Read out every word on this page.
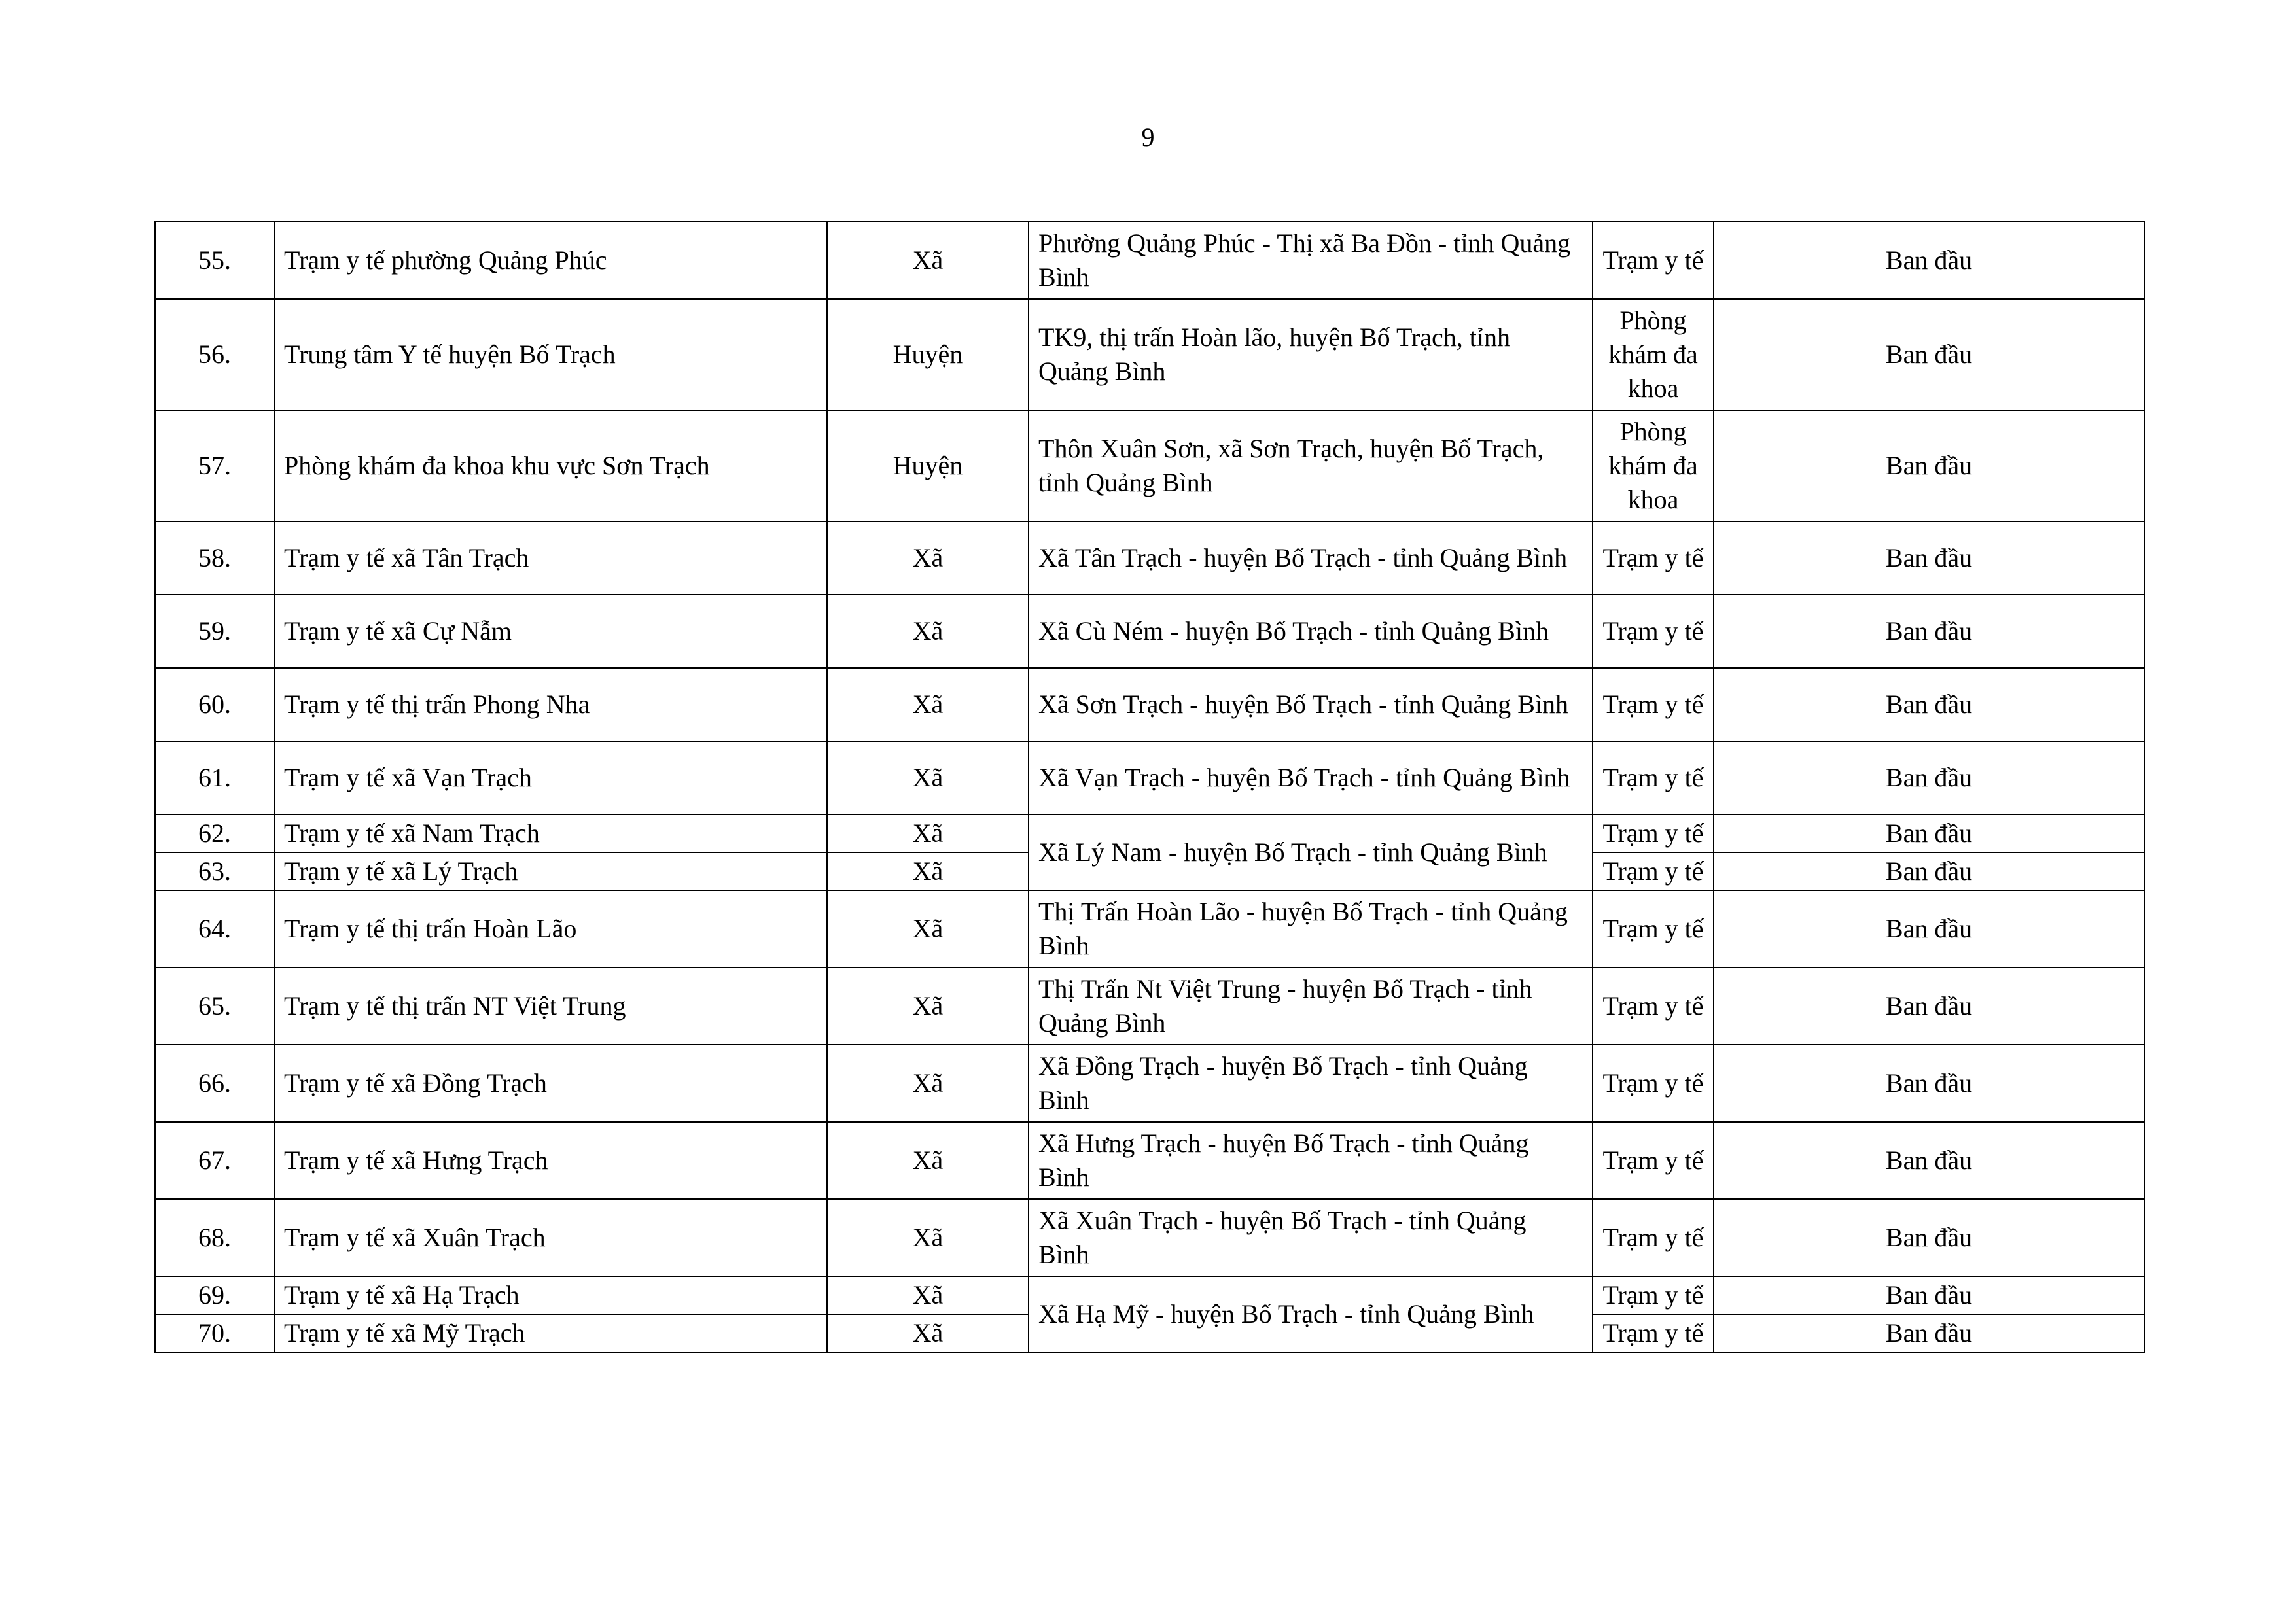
9
55.	Trạm y tế phường Quảng Phúc	Xã	Phường Quảng Phúc - Thị xã Ba Đồn - tỉnh Quảng Bình	Trạm y tế	Ban đầu
56.	Trung tâm Y tế huyện Bố Trạch	Huyện	TK9, thị trấn Hoàn lão, huyện Bố Trạch, tỉnh Quảng Bình	Phòng khám đa khoa	Ban đầu
57.	Phòng khám đa khoa khu vực Sơn Trạch	Huyện	Thôn Xuân Sơn, xã Sơn Trạch, huyện Bố Trạch, tỉnh Quảng Bình	Phòng khám đa khoa	Ban đầu
58.	Trạm y tế xã Tân Trạch	Xã	Xã Tân Trạch - huyện Bố Trạch - tỉnh Quảng Bình	Trạm y tế	Ban đầu
59.	Trạm y tế xã Cự Nẫm	Xã	Xã Cù Ném - huyện Bố Trạch - tỉnh Quảng Bình	Trạm y tế	Ban đầu
60.	Trạm y tế thị trấn Phong Nha	Xã	Xã Sơn Trạch - huyện Bố Trạch - tỉnh Quảng Bình	Trạm y tế	Ban đầu
61.	Trạm y tế xã Vạn Trạch	Xã	Xã Vạn Trạch - huyện Bố Trạch - tỉnh Quảng Bình	Trạm y tế	Ban đầu
62.	Trạm y tế xã Nam Trạch	Xã	Xã Lý Nam - huyện Bố Trạch - tỉnh Quảng Bình	Trạm y tế	Ban đầu
63.	Trạm y tế xã Lý Trạch	Xã		Trạm y tế	Ban đầu
64.	Trạm y tế thị trấn Hoàn Lão	Xã	Thị Trấn Hoàn Lão - huyện Bố Trạch - tỉnh Quảng Bình	Trạm y tế	Ban đầu
65.	Trạm y tế thị trấn NT Việt Trung	Xã	Thị Trấn Nt Việt Trung - huyện Bố Trạch - tỉnh Quảng Bình	Trạm y tế	Ban đầu
66.	Trạm y tế xã Đồng Trạch	Xã	Xã Đồng Trạch - huyện Bố Trạch - tỉnh Quảng Bình	Trạm y tế	Ban đầu
67.	Trạm y tế xã Hưng Trạch	Xã	Xã Hưng Trạch - huyện Bố Trạch - tỉnh Quảng Bình	Trạm y tế	Ban đầu
68.	Trạm y tế xã Xuân Trạch	Xã	Xã Xuân Trạch - huyện Bố Trạch - tỉnh Quảng Bình	Trạm y tế	Ban đầu
69.	Trạm y tế xã Hạ Trạch	Xã	Xã Hạ Mỹ - huyện Bố Trạch - tỉnh Quảng Bình	Trạm y tế	Ban đầu
70.	Trạm y tế xã Mỹ Trạch	Xã		Trạm y tế	Ban đầu
